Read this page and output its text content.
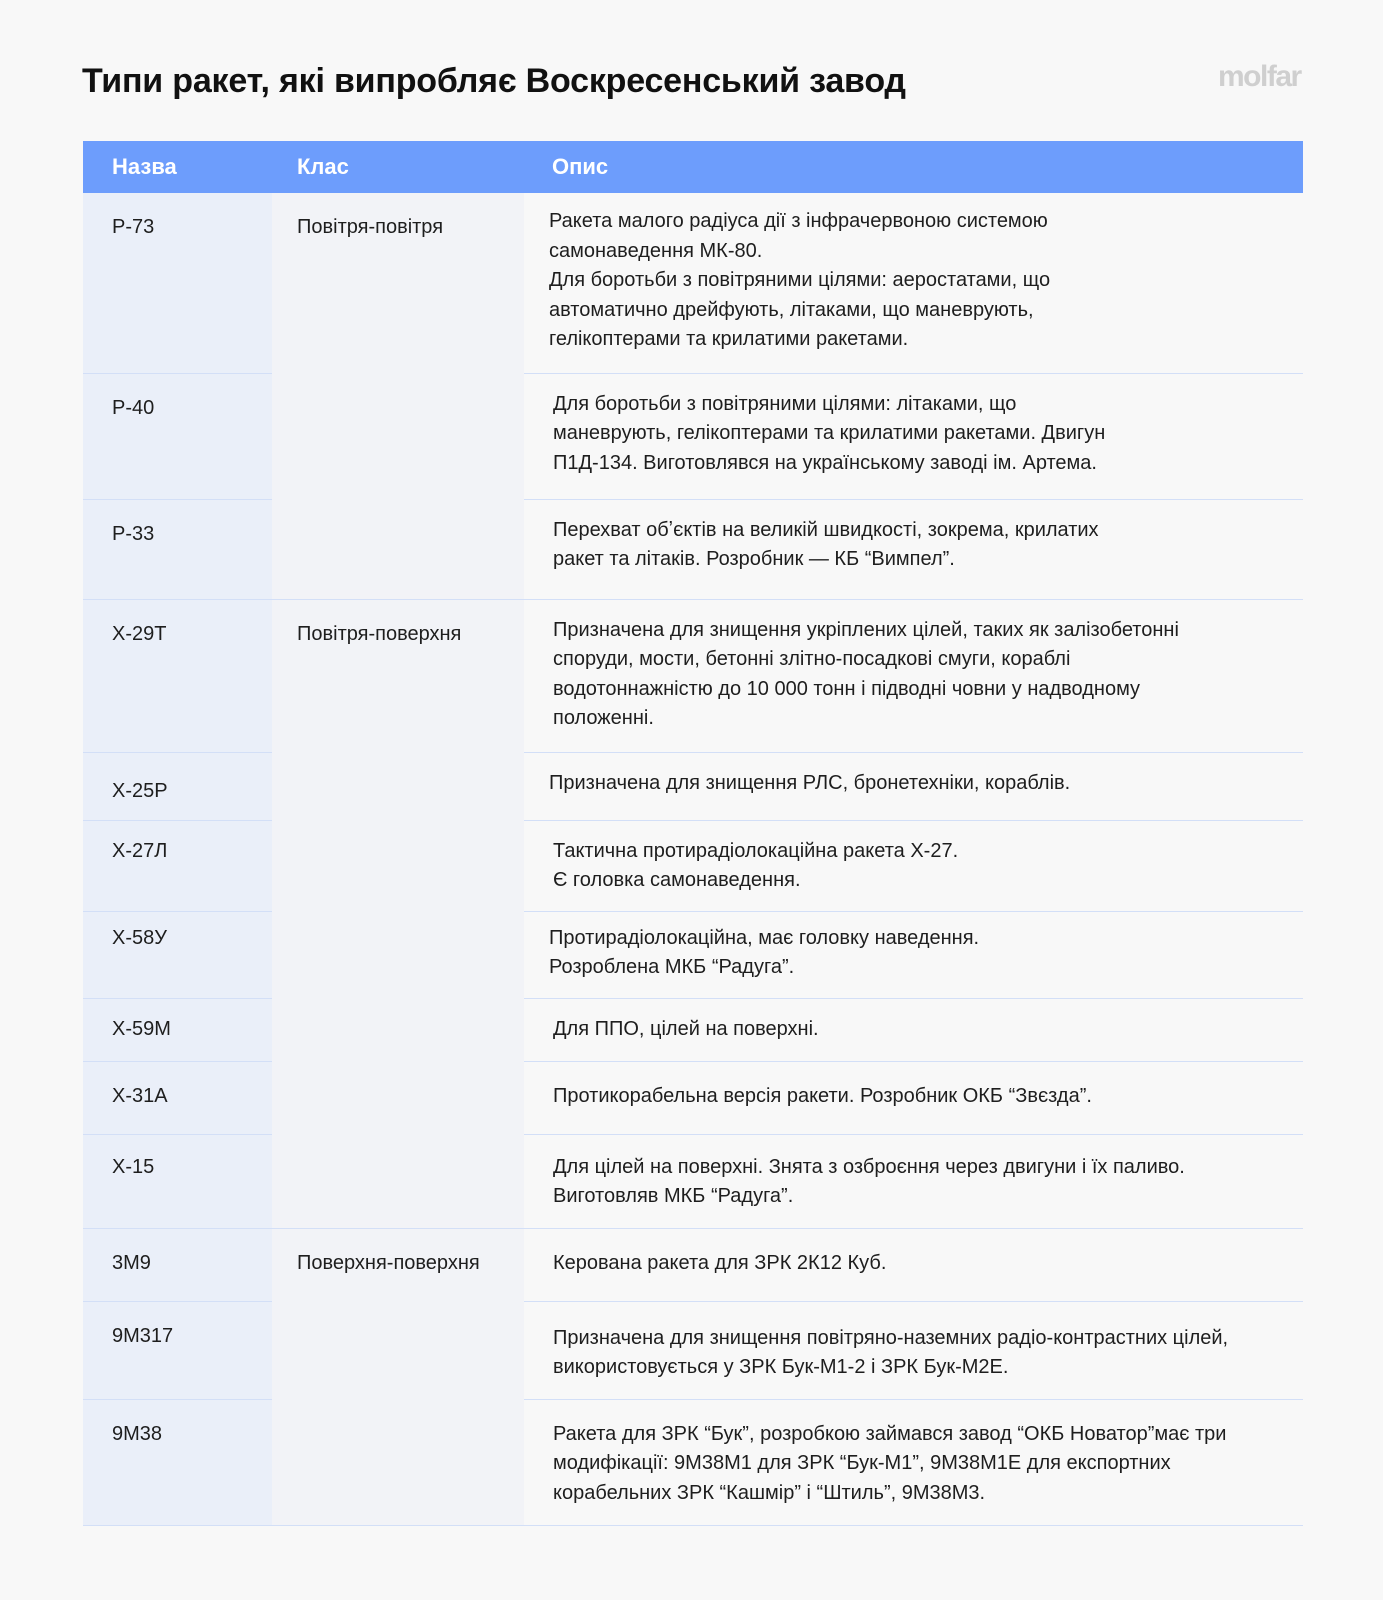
Типи ракет, які випробляє Воскресенський завод	molfar
Назва	Клас	Опис
Р-73	Повітря-повітря	Ракета малого радіуса дії з інфрачервоною системою
самонаведення МК-80.
Для боротьби з повітряними цілями: аеростатами, що
автоматично дрейфують, літаками, що маневрують,
гелікоптерами та крилатими ракетами.

Р-40		Для боротьби з повітряними цілями: літаками, що
маневрують, гелікоптерами та крилатими ракетами. Двигун
П1Д-134. Виготовлявся на українському заводі ім. Артема.

Р-33		Перехват обʼєктів на великій швидкості, зокрема, крилатих
ракет та літаків. Розробник — КБ “Вимпел”.

Х-29Т	Повітря-поверхня	Призначена для знищення укріплених цілей, таких як залізобетонні
споруди, мости, бетонні злітно-посадкові смуги, кораблі
водотоннажністю до 10 000 тонн і підводні човни у надводному
положенні.

Х-25Р		Призначена для знищення РЛС, бронетехніки, кораблів.

Х-27Л		Тактична протирадіолокаційна ракета Х-27.
Є головка самонаведення.

Х-58У		Протирадіолокаційна, має головку наведення.
Розроблена МКБ “Радуга”.

Х-59М		Для ППО, цілей на поверхні.

Х-31А		Протикорабельна версія ракети. Розробник ОКБ “Звєзда”.

Х-15		Для цілей на поверхні. Знята з озброєння через двигуни і їх паливо.
Виготовляв МКБ “Радуга”.

3М9	Поверхня-поверхня	Керована ракета для ЗРК 2К12 Куб.

9М317		Призначена для знищення повітряно-наземних радіо-контрастних цілей,
використовується у ЗРК Бук-М1-2 і ЗРК Бук-М2Е.

9М38		Ракета для ЗРК “Бук”, розробкою займався завод “ОКБ Новатор”має три
модифікації: 9М38М1 для ЗРК “Бук-М1”, 9М38М1Е для експортних
корабельних ЗРК “Кашмір” і “Штиль”, 9М38М3.
